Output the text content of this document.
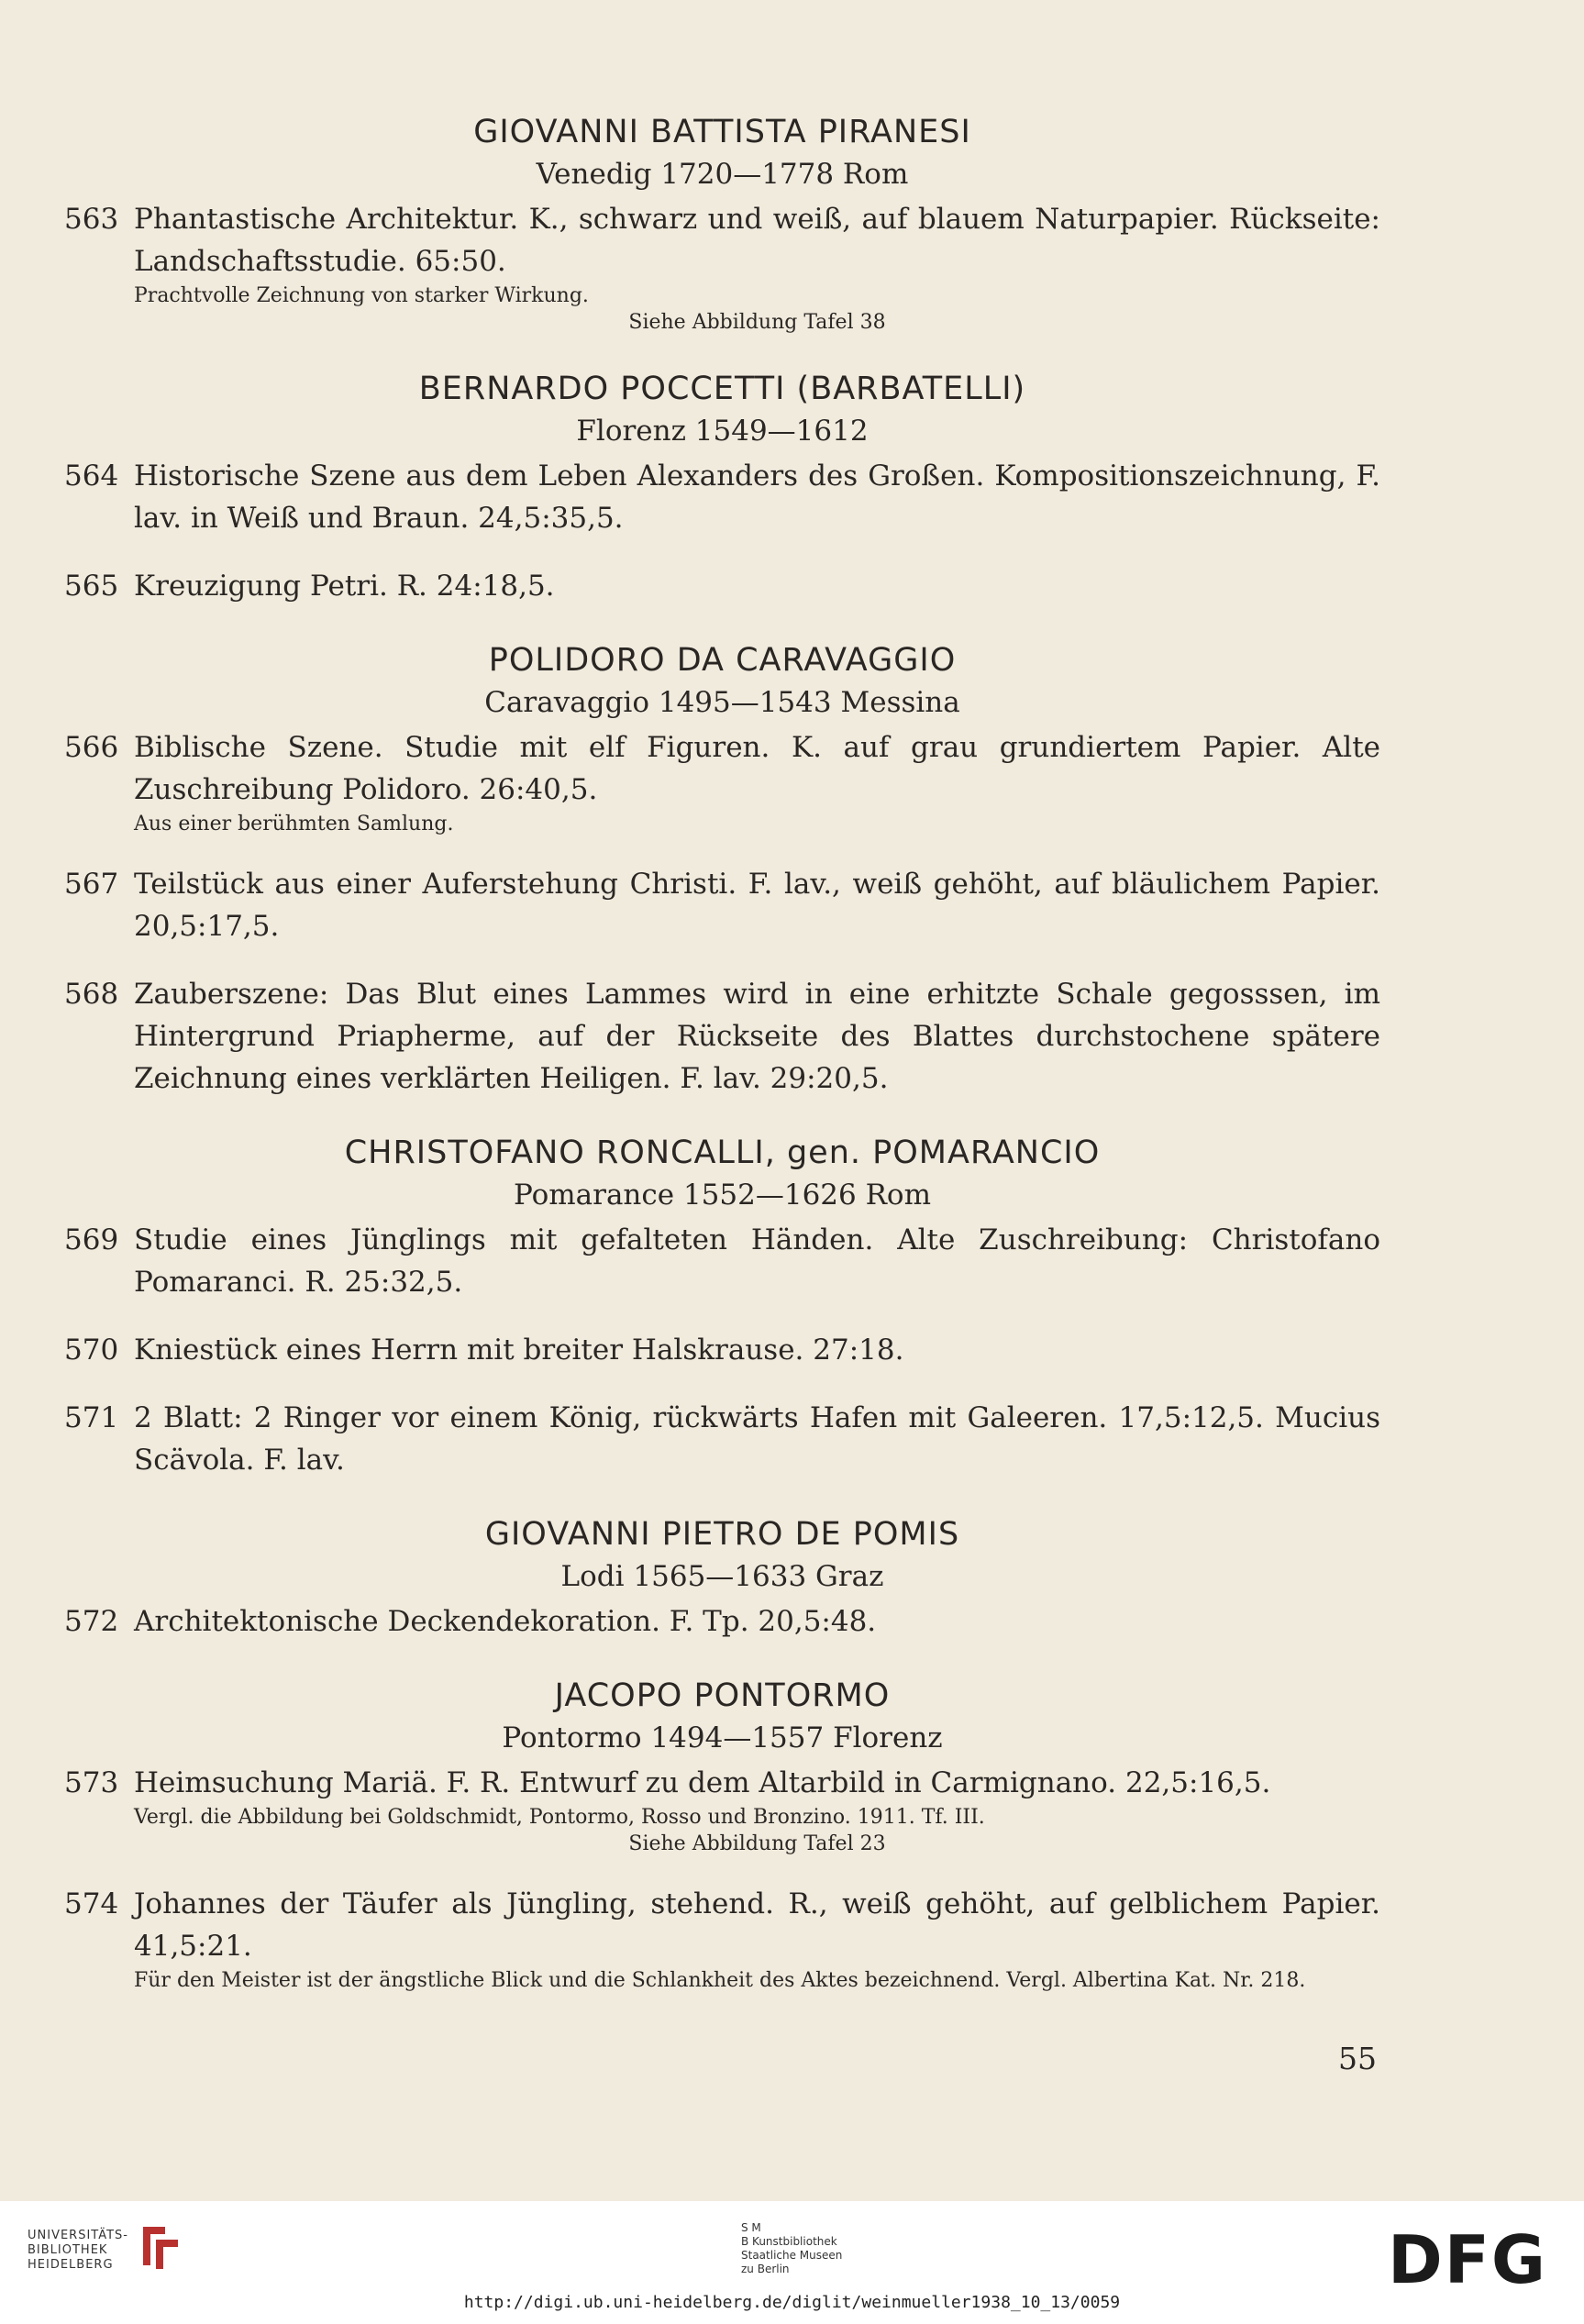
GIOVANNI BATTISTA PIRANESI
Venedig 1720—1778 Rom
563 Phantastische Architektur. K., schwarz und weiß, auf blauem Naturpapier. Rückseite: Landschaftsstudie. 65:50.
Prachtvolle Zeichnung von starker Wirkung.
Siehe Abbildung Tafel 38
BERNARDO POCCETTI (BARBATELLI)
Florenz 1549—1612
564 Historische Szene aus dem Leben Alexanders des Großen. Kompositionszeichnung, F. lav. in Weiß und Braun. 24,5:35,5.
565 Kreuzigung Petri. R. 24:18,5.
POLIDORO DA CARAVAGGIO
Caravaggio 1495—1543 Messina
566 Biblische Szene. Studie mit elf Figuren. K. auf grau grundiertem Papier. Alte Zuschreibung Polidoro. 26:40,5.
Aus einer berühmten Samlung.
567 Teilstück aus einer Auferstehung Christi. F. lav., weiß gehöht, auf bläulichem Papier. 20,5:17,5.
568 Zauberszene: Das Blut eines Lammes wird in eine erhitzte Schale gegosssen, im Hintergrund Priapherme, auf der Rückseite des Blattes durchstochene spätere Zeichnung eines verklärten Heiligen. F. lav. 29:20,5.
CHRISTOFANO RONCALLI, gen. POMARANCIO
Pomarance 1552—1626 Rom
569 Studie eines Jünglings mit gefalteten Händen. Alte Zuschreibung: Christofano Pomaranci. R. 25:32,5.
570 Kniestück eines Herrn mit breiter Halskrause. 27:18.
571 2 Blatt: 2 Ringer vor einem König, rückwärts Hafen mit Galeeren. 17,5:12,5. Mucius Scävola. F. lav.
GIOVANNI PIETRO DE POMIS
Lodi 1565—1633 Graz
572 Architektonische Deckendekoration. F. Tp. 20,5:48.
JACOPO PONTORMO
Pontormo 1494—1557 Florenz
573 Heimsuchung Mariä. F. R. Entwurf zu dem Altarbild in Carmignano. 22,5:16,5.
Vergl. die Abbildung bei Goldschmidt, Pontormo, Rosso und Bronzino. 1911. Tf. III.
Siehe Abbildung Tafel 23
574 Johannes der Täufer als Jüngling, stehend. R., weiß gehöht, auf gelblichem Papier. 41,5:21.
Für den Meister ist der ängstliche Blick und die Schlankheit des Aktes bezeichnend. Vergl. Albertina Kat. Nr. 218.
55
UNIVERSITÄTS-
BIBLIOTHEK
HEIDELBERG
S M
B Kunstbibliothek
Staatliche Museen
zu Berlin	DFG
http://digi.ub.uni-heidelberg.de/diglit/weinmueller1938_10_13/0059
